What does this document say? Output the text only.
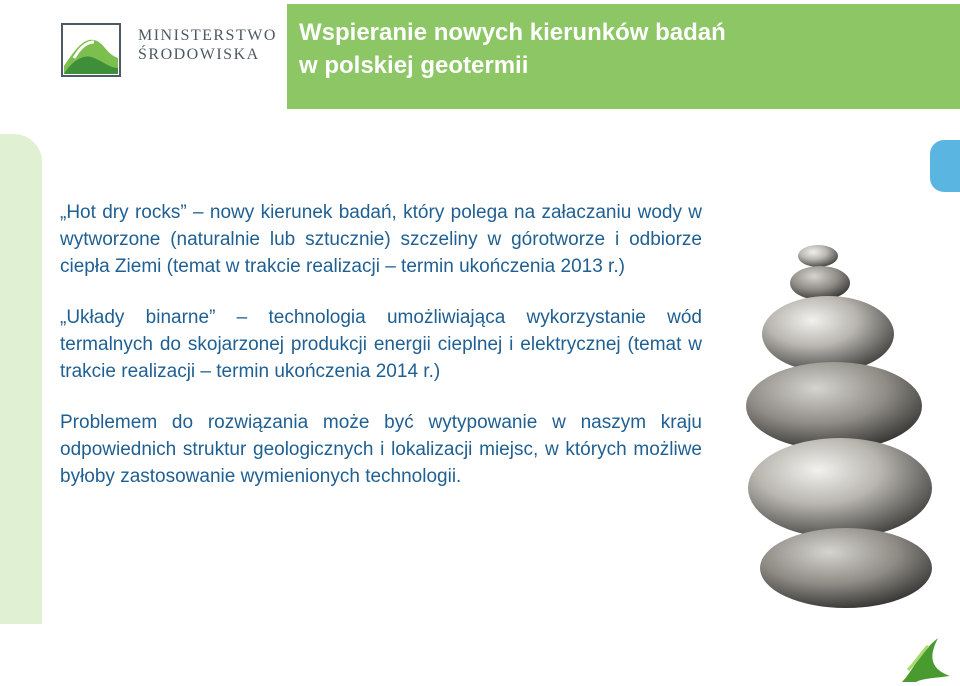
MINISTERSTWO
ŚRODOWISKA
Wspieranie nowych kierunków badań
w polskiej geotermii

„Hot dry rocks” – nowy kierunek badań, który polega na załaczaniu wody w wytworzone (naturalnie lub sztucznie) szczeliny w górotworze i odbiorze ciepła Ziemi (temat w trakcie realizacji – termin ukończenia 2013 r.)

„Układy binarne” – technologia umożliwiająca wykorzystanie wód termalnych do skojarzonej produkcji energii cieplnej i elektrycznej (temat w trakcie realizacji – termin ukończenia 2014 r.)

Problemem do rozwiązania może być wytypowanie w naszym kraju odpowiednich struktur geologicznych i lokalizacji miejsc, w których możliwe byłoby zastosowanie wymienionych technologii.
